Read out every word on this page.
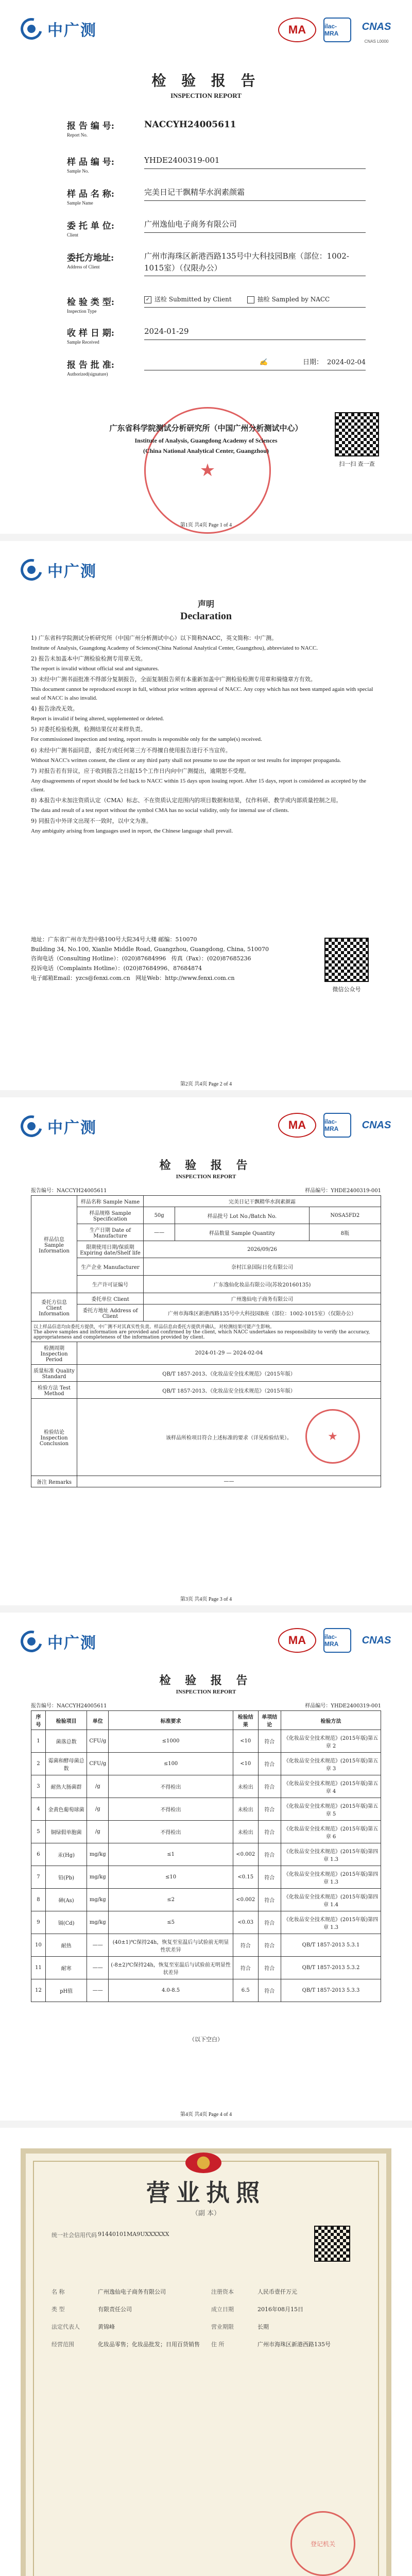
中广测	MA	ilac-MRA
CNAS
CNAS L0000
检 验 报 告
INSPECTION REPORT
报 告 编 号:
Report No.
NACCYH24005611
样 品 编 号:
Sample No.
YHDE2400319-001
样 品 名 称:
Sample Name
完美日记干飘精华水润素颜霜
委 托 单 位:
Client
广州逸仙电子商务有限公司
委托方地址:
Address of Client
广州市海珠区新港西路135号中大科技园B座（部位：1002-1015室）（仅限办公）
检 验 类 型:
Inspection Type
✓ 送检 Submitted by Client	抽检 Sampled by NACC
收 样 日 期:
Sample Received
2024-01-29
报 告 批 准:
Authorized(signature)
✍	日期： 2024-02-04
★
广东省科学院测试分析研究所（中国广州分析测试中心）
Institute of Analysis, Guangdong Academy of Sciences
(China National Analytical Center, Guangzhou)
扫一扫 查一查
第1页 共4页 Page 1 of 4
中广测
声明
Declaration

1) 广东省科学院测试分析研究所（中国广州分析测试中心）以下简称NACC，英文简称：中广测。

Institute of Analysis, Guangdong Academy of Sciences(China National Analytical Center, Guangzhou), abbreviated to NACC.

2) 报告未加盖本中广测检验检测专用章无效。

The report is invalid without official seal and signatures.

3) 未经中广测书面批准不得部分复制报告，全面复制报告须有本重新加盖中广测检验检测专用章和骑缝章方有效。

This document cannot be reproduced except in full, without prior written approval of NACC. Any copy which has not been stamped again with special seal of NACC is also invalid.

4) 报告涂改无效。

Report is invalid if being altered, supplemented or deleted.

5) 对委托检验检测，检测结果仅对来样负责。

For commissioned inspection and testing, report results is responsible only for the sample(s) received.

6) 未经中广测书面同意，委托方或任何第三方不得擅自使用报告进行不当宣传。

Without NACC's written consent, the client or any third party shall not presume to use the report or test results for improper propaganda.

7) 对报告若有异议，应于收到报告之日起15个工作日内向中广测提出，逾期恕不受理。

Any disagreements of report should be fed back to NACC within 15 days upon issuing report. After 15 days, report is considered as accepted by the client.

8) 本报告中未加注资质认定（CMA）标志、不在资质认定范围内的项目数据和结果，仅作科研、教学或内部质量控制之用。

The data and result of a test report without the symbol CMA has no social validity, only for internal use of clients.

9) 同报告中外译文出现不一致时，以中文为准。

Any ambiguity arising from languages used in report, the Chinese language shall prevail.

地址：广东省广州市先烈中路100号大院34号大楼 邮编：510070
Building 34, No.100, Xianlie Middle Road, Guangzhou, Guangdong, China, 510070
咨询电话（Consulting Hotline）：(020)87684996 传真（Fax）：(020)87685236
投诉电话（Complaints Hotline）：(020)87684996、87684874
电子邮箱Email：yzcs@fenxi.com.cn 网址Web：http://www.fenxi.com.cn
微信公众号
第2页 共4页 Page 2 of 4
中广测	MA	ilac-MRA	CNAS
检 验 报 告
INSPECTION REPORT
报告编号：NACCYH24005611	样品编号：YHDE2400319-001
样品信息 Sample Information	样品名称 Sample Name	完美日记干飘精华水润素颜霜		
	样品规格 Sample Specification	50g	样品批号 Lot No./Batch No.	N0SA5FD2
	生产日期 Date of Manufacture	——	样品数量 Sample Quantity	8瓶
	限期使用日期/保质期 Expiring date/Shelf life	2026/09/26		
	生产企业 Manufacturer	奈村江泉国际日化有限公司		
	生产许可证编号	广东逸仙化妆品有限公司(苏妆20160135)		
委托方信息 Client Information	委托单位 Client	广州逸仙电子商务有限公司		
	委托方地址 Address of Client	广州市海珠区新港西路135号中大科技园B座（部位：1002-1015室）（仅限办公）		

以上样品信息均由委托方提供，中广测不对其真实性负责。样品信息由委托方提供并确认，对检测结果可能产生影响。
The above samples and information are provided and confirmed by the client, which NACC undertakes no responsibility to verify the accuracy, appropriateness and completeness of the information provided by client.				

检测周期 Inspection Period	2024-01-29 — 2024-02-04			
质量标准 Quality Standard	QB/T 1857-2013、《化妆品安全技术规范》（2015年版）			
检验方法 Test Method	QB/T 1857-2013、《化妆品安全技术规范》（2015年版）			
检验结论 Inspection Conclusion	该样品所检项目符合上述标准的要求（详见检验结果）。 ★			

备注 Remarks	——			
第3页 共4页 Page 3 of 4
中广测	MA	ilac-MRA	CNAS
检 验 报 告
INSPECTION REPORT
报告编号：NACCYH24005611	样品编号：YHDE2400319-001
序号	检验项目	单位	标准要求	检验结果	单项结论	检验方法
1	菌落总数	CFU/g	≤1000	<10	符合	《化妆品安全技术规范》(2015年版)第五章 2
2	霉菌和酵母菌总数	CFU/g	≤100	<10	符合	《化妆品安全技术规范》(2015年版)第五章 3
3	耐热大肠菌群	/g	不得检出	未检出	符合	《化妆品安全技术规范》(2015年版)第五章 4
4	金黄色葡萄球菌	/g	不得检出	未检出	符合	《化妆品安全技术规范》(2015年版)第五章 5
5	铜绿假单胞菌	/g	不得检出	未检出	符合	《化妆品安全技术规范》(2015年版)第五章 6
6	汞(Hg)	mg/kg	≤1	<0.002	符合	《化妆品安全技术规范》(2015年版)第四章 1.3
7	铅(Pb)	mg/kg	≤10	<0.15	符合	《化妆品安全技术规范》(2015年版)第四章 1.3
8	砷(As)	mg/kg	≤2	<0.002	符合	《化妆品安全技术规范》(2015年版)第四章 1.4
9	镉(Cd)	mg/kg	≤5	<0.03	符合	《化妆品安全技术规范》(2015年版)第四章 1.3
10	耐热	——	(40±1)℃保持24h，恢复至室温后与试验前无明显性状差异	符合	符合	QB/T 1857-2013 5.3.1
11	耐寒	——	(-8±2)℃保持24h，恢复至室温后与试验前无明显性状差异	符合	符合	QB/T 1857-2013 5.3.2
12	pH值	——	4.0-8.5	6.5	符合	QB/T 1857-2013 5.3.3
（以下空白）
第4页 共4页 Page 4 of 4
营业执照
（副 本）
统一社会信用代码 91440101MA9UXXXXXX
名 称	广州逸仙电子商务有限公司
类 型	有限责任公司
法定代表人	黄锦峰
经营范围	化妆品零售；化妆品批发；日用百货销售
注册资本	人民币壹仟万元
成立日期	2016年08月15日
营业期限	长期
住 所	广州市海珠区新港西路135号
登记机关
